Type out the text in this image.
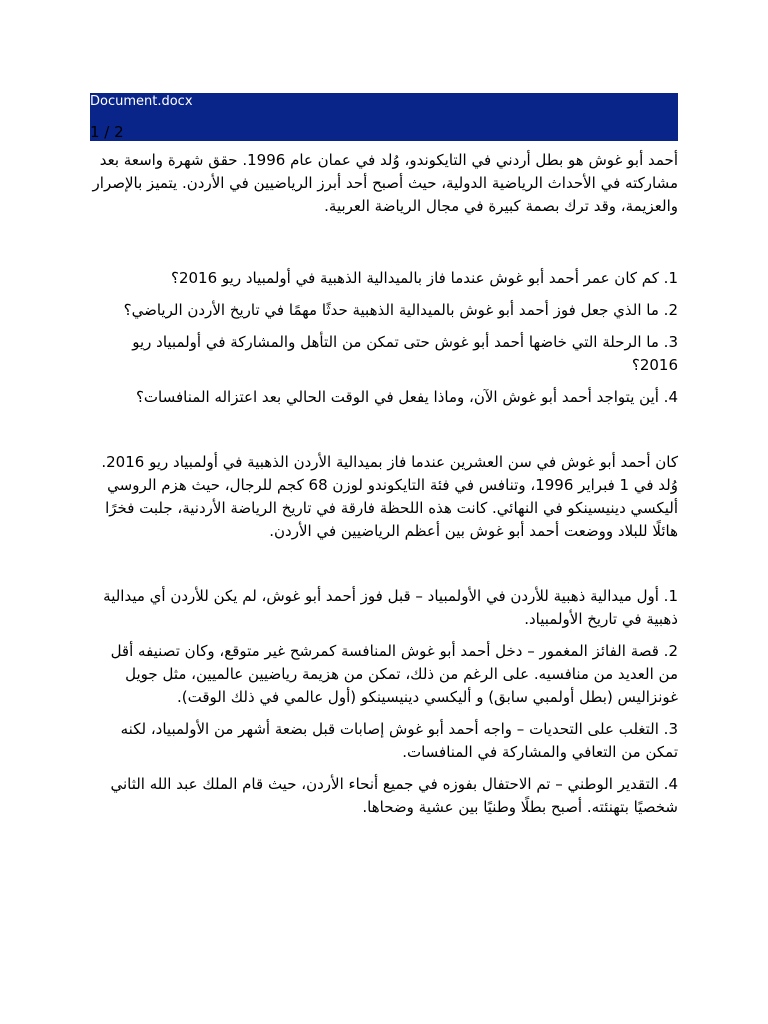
Document.docx
1 / 2

أحمد أبو غوش هو بطل أردني في التايكوندو، وُلد في عمان عام 1996. حقق شهرة واسعة بعد مشاركته في الأحداث الرياضية الدولية، حيث أصبح أحد أبرز الرياضيين في الأردن. يتميز بالإصرار والعزيمة، وقد ترك بصمة كبيرة في مجال الرياضة العربية.

1. كم كان عمر أحمد أبو غوش عندما فاز بالميدالية الذهبية في أولمبياد ريو 2016؟

2. ما الذي جعل فوز أحمد أبو غوش بالميدالية الذهبية حدثًا مهمًا في تاريخ الأردن الرياضي؟

3. ما الرحلة التي خاضها أحمد أبو غوش حتى تمكن من التأهل والمشاركة في أولمبياد ريو 2016؟

4. أين يتواجد أحمد أبو غوش الآن، وماذا يفعل في الوقت الحالي بعد اعتزاله المنافسات؟

كان أحمد أبو غوش في سن العشرين عندما فاز بميدالية الأردن الذهبية في أولمبياد ريو 2016. وُلد في 1 فبراير 1996، وتنافس في فئة التايكوندو لوزن 68 كجم للرجال، حيث هزم الروسي أليكسي دينيسينكو في النهائي. كانت هذه اللحظة فارقة في تاريخ الرياضة الأردنية، جلبت فخرًا هائلًا للبلاد ووضعت أحمد أبو غوش بين أعظم الرياضيين في الأردن.

1. أول ميدالية ذهبية للأردن في الأولمبياد – قبل فوز أحمد أبو غوش، لم يكن للأردن أي ميدالية ذهبية في تاريخ الأولمبياد.

2. قصة الفائز المغمور – دخل أحمد أبو غوش المنافسة كمرشح غير متوقع، وكان تصنيفه أقل من العديد من منافسيه. على الرغم من ذلك، تمكن من هزيمة رياضيين عالميين، مثل جويل غونزاليس (بطل أولمبي سابق) و أليكسي دينيسينكو (أول عالمي في ذلك الوقت).

3. التغلب على التحديات – واجه أحمد أبو غوش إصابات قبل بضعة أشهر من الأولمبياد، لكنه تمكن من التعافي والمشاركة في المنافسات.

4. التقدير الوطني – تم الاحتفال بفوزه في جميع أنحاء الأردن، حيث قام الملك عبد الله الثاني شخصيًا بتهنئته. أصبح بطلًا وطنيًا بين عشية وضحاها.
